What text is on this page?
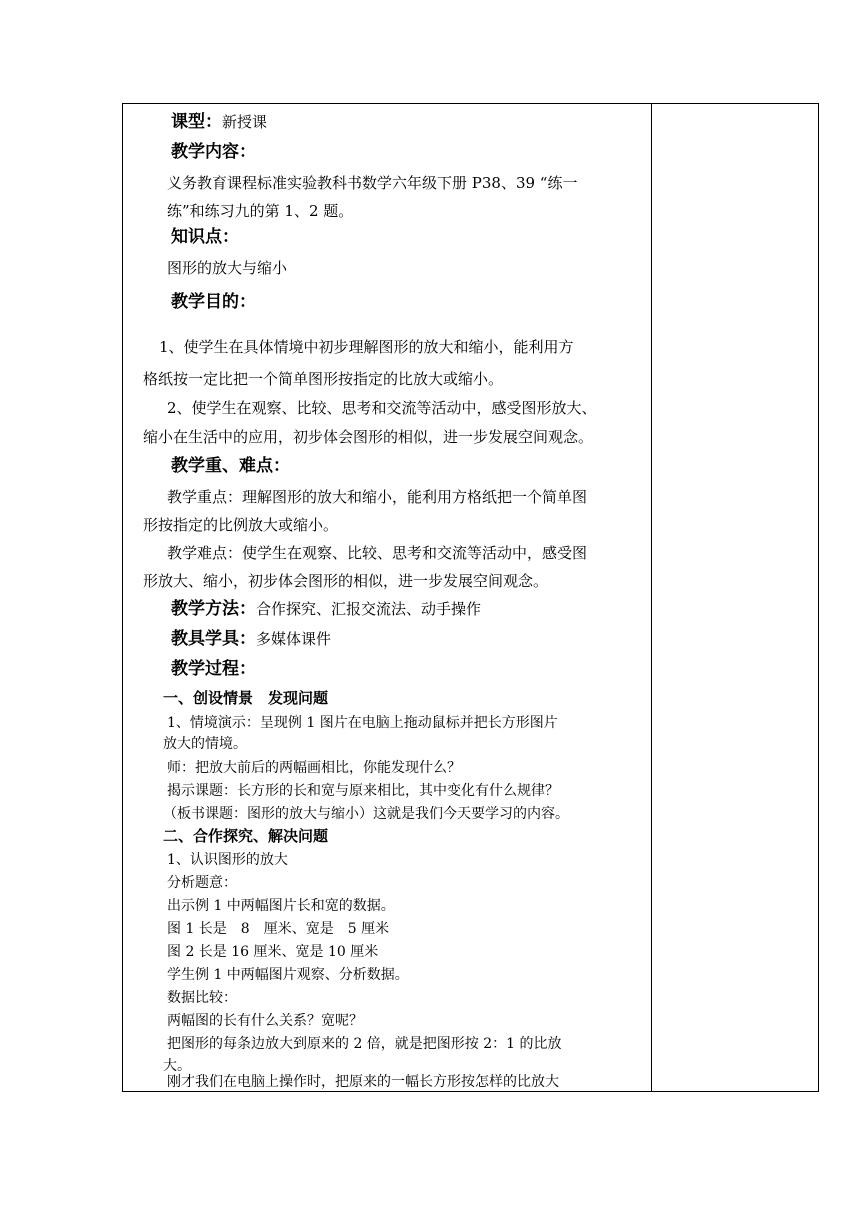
课型：新授课
教学内容：
义务教育课程标准实验教科书数学六年级下册 P38、39 “练一
练”和练习九的第 1、2 题。
知识点：
图形的放大与缩小
教学目的：
1、使学生在具体情境中初步理解图形的放大和缩小，能利用方
格纸按一定比把一个简单图形按指定的比放大或缩小。
2、使学生在观察、比较、思考和交流等活动中，感受图形放大、
缩小在生活中的应用，初步体会图形的相似，进一步发展空间观念。
教学重、难点：
教学重点：理解图形的放大和缩小，能利用方格纸把一个简单图
形按指定的比例放大或缩小。
教学难点：使学生在观察、比较、思考和交流等活动中，感受图
形放大、缩小，初步体会图形的相似，进一步发展空间观念。
教学方法：合作探究、汇报交流法、动手操作
教具学具：多媒体课件
教学过程：
一、创设情景　发现问题
1、情境演示：呈现例 1 图片在电脑上拖动鼠标并把长方形图片
放大的情境。
师：把放大前后的两幅画相比，你能发现什么？
揭示课题：长方形的长和宽与原来相比，其中变化有什么规律？
（板书课题：图形的放大与缩小）这就是我们今天要学习的内容。
二、合作探究、解决问题
1、认识图形的放大
分析题意：
出示例 1 中两幅图片长和宽的数据。
图 1 长是　8　厘米、宽是　5 厘米
图 2 长是 16 厘米、宽是 10 厘米
学生例 1 中两幅图片观察、分析数据。
数据比较：
两幅图的长有什么关系？宽呢？
把图形的每条边放大到原来的 2 倍，就是把图形按 2：1 的比放
大。
刚才我们在电脑上操作时，把原来的一幅长方形按怎样的比放大
